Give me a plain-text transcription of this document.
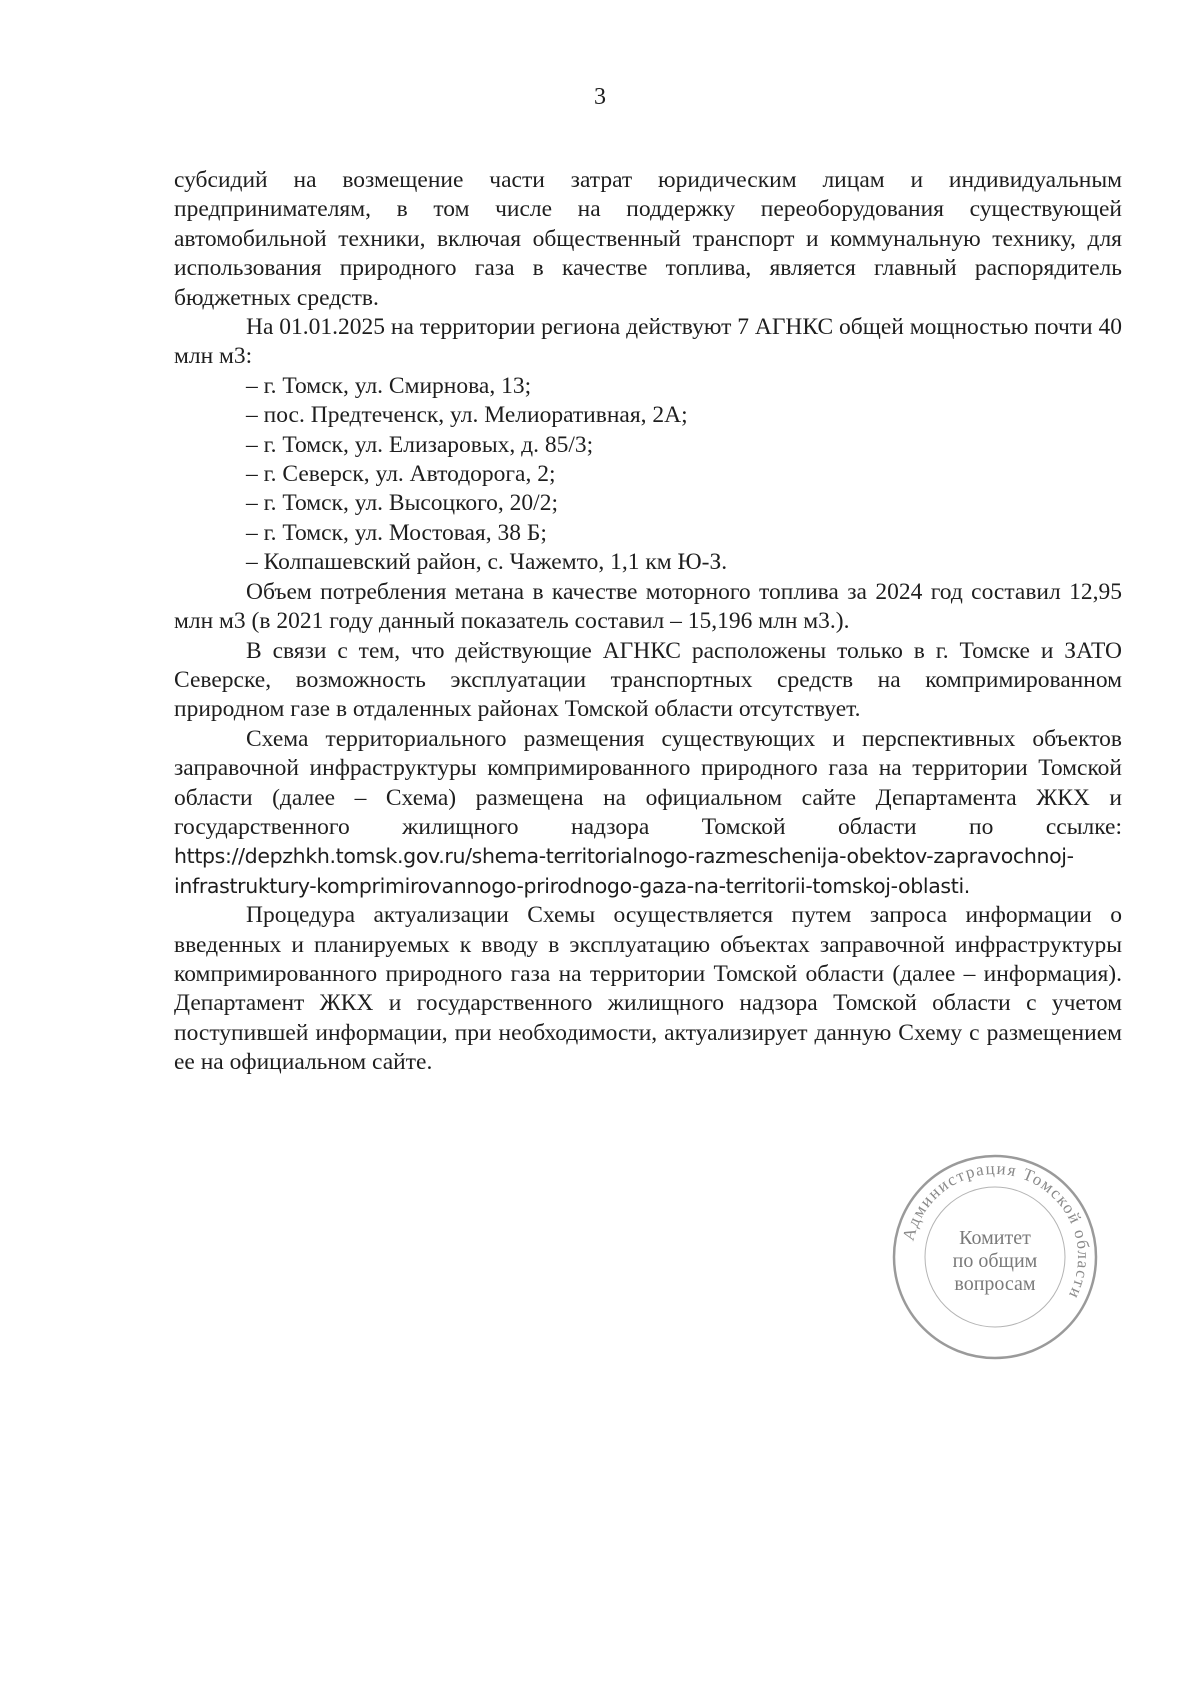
3

субсидий на возмещение части затрат юридическим лицам и индивидуальным предпринимателям, в том числе на поддержку переоборудования существующей автомобильной техники, включая общественный транспорт и коммунальную технику, для использования природного газа в качестве топлива, является главный распорядитель бюджетных средств.

На 01.01.2025 на территории региона действуют 7 АГНКС общей мощностью почти 40 млн м3:

– г. Томск, ул. Смирнова, 13;
– пос. Предтеченск, ул. Мелиоративная, 2А;
– г. Томск, ул. Елизаровых, д. 85/3;
– г. Северск, ул. Автодорога, 2;
– г. Томск, ул. Высоцкого, 20/2;
– г. Томск, ул. Мостовая, 38 Б;
– Колпашевский район, с. Чажемто, 1,1 км Ю-З.

Объем потребления метана в качестве моторного топлива за 2024 год составил 12,95 млн м3 (в 2021 году данный показатель составил – 15,196 млн м3.).

В связи с тем, что действующие АГНКС расположены только в г. Томске и ЗАТО Северске, возможность эксплуатации транспортных средств на компримированном природном газе в отдаленных районах Томской области отсутствует.

Схема территориального размещения существующих и перспективных объектов заправочной инфраструктуры компримированного природного газа на территории Томской области (далее – Схема) размещена на официальном сайте Департамента ЖКХ и государственного жилищного надзора Томской области по ссылке: https://depzhkh.tomsk.gov.ru/shema-territorialnogo-razmeschenija-obektov-zapravochnoj-infrastruktury-komprimirovannogo-prirodnogo-gaza-na-territorii-tomskoj-oblasti.

Процедура актуализации Схемы осуществляется путем запроса информации о введенных и планируемых к вводу в эксплуатацию объектах заправочной инфраструктуры компримированного природного газа на территории Томской области (далее – информация). Департамент ЖКХ и государственного жилищного надзора Томской области с учетом поступившей информации, при необходимости, актуализирует данную Схему с размещением ее на официальном сайте.

Администрация Томской области
Комитет
по общим
вопросам
